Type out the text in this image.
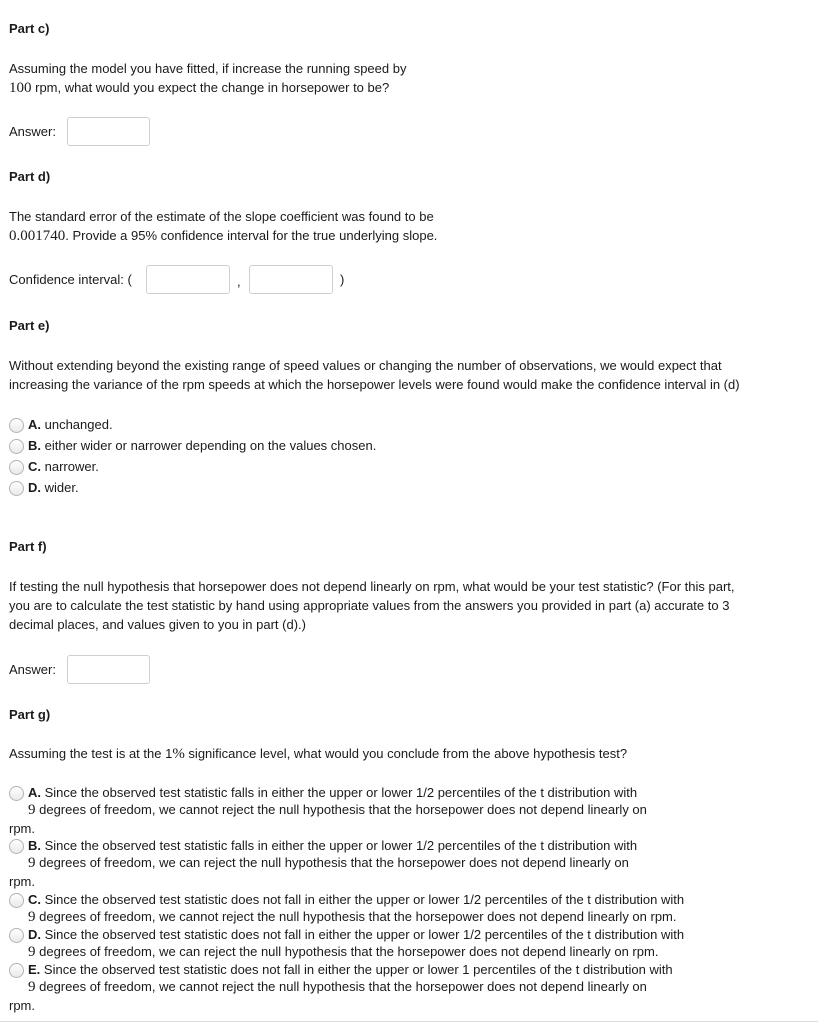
Part c)
Assuming the model you have fitted, if increase the running speed by
100 rpm, what would you expect the change in horsepower to be?
Answer:
Part d)
The standard error of the estimate of the slope coefficient was found to be
0.001740. Provide a 95% confidence interval for the true underlying slope.
Confidence interval: (	,	)
Part e)
Without extending beyond the existing range of speed values or changing the number of observations, we would expect that
increasing the variance of the rpm speeds at which the horsepower levels were found would make the confidence interval in (d)
A. unchanged.
B. either wider or narrower depending on the values chosen.
C. narrower.
D. wider.
Part f)
If testing the null hypothesis that horsepower does not depend linearly on rpm, what would be your test statistic? (For this part,
you are to calculate the test statistic by hand using appropriate values from the answers you provided in part (a) accurate to 3
decimal places, and values given to you in part (d).)
Answer:
Part g)
Assuming the test is at the 1% significance level, what would you conclude from the above hypothesis test?
A. Since the observed test statistic falls in either the upper or lower 1/2 percentiles of the t distribution with
9 degrees of freedom, we cannot reject the null hypothesis that the horsepower does not depend linearly on
rpm.
B. Since the observed test statistic falls in either the upper or lower 1/2 percentiles of the t distribution with
9 degrees of freedom, we can reject the null hypothesis that the horsepower does not depend linearly on
rpm.
C. Since the observed test statistic does not fall in either the upper or lower 1/2 percentiles of the t distribution with
9 degrees of freedom, we cannot reject the null hypothesis that the horsepower does not depend linearly on rpm.
D. Since the observed test statistic does not fall in either the upper or lower 1/2 percentiles of the t distribution with
9 degrees of freedom, we can reject the null hypothesis that the horsepower does not depend linearly on rpm.
E. Since the observed test statistic does not fall in either the upper or lower 1 percentiles of the t distribution with
9 degrees of freedom, we cannot reject the null hypothesis that the horsepower does not depend linearly on
rpm.
